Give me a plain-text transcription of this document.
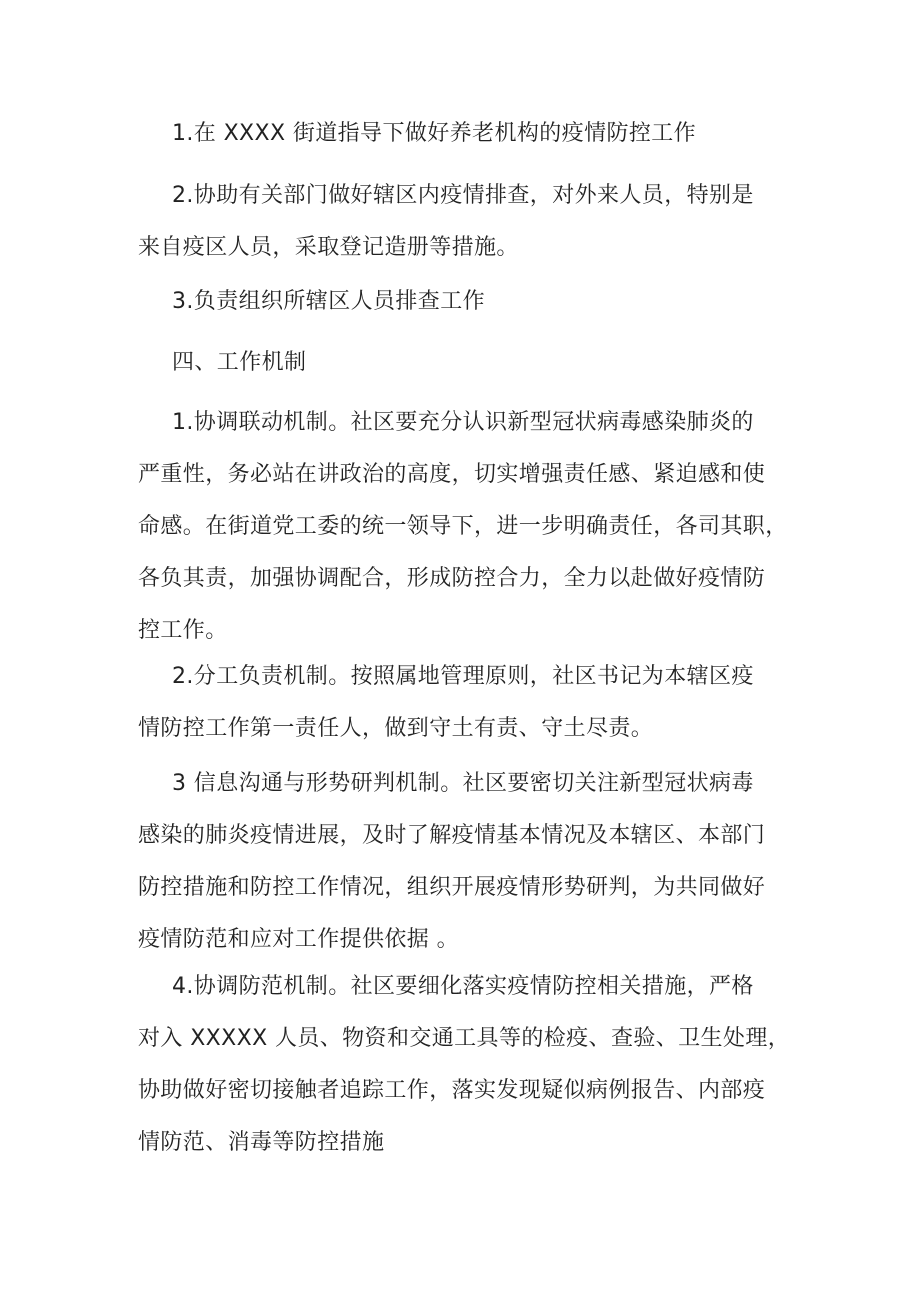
1.在 XXXX 街道指导下做好养老机构的疫情防控工作

2.协助有关部门做好辖区内疫情排查，对外来人员，特别是
来自疫区人员，采取登记造册等措施。

3.负责组织所辖区人员排查工作

四、工作机制

1.协调联动机制。社区要充分认识新型冠状病毒感染肺炎的
严重性，务必站在讲政治的高度，切实增强责任感、紧迫感和使
命感。在街道党工委的统一领导下，进一步明确责任，各司其职，
各负其责，加强协调配合，形成防控合力，全力以赴做好疫情防
控工作。

2.分工负责机制。按照属地管理原则，社区书记为本辖区疫
情防控工作第一责任人，做到守土有责、守土尽责。

3 信息沟通与形势研判机制。社区要密切关注新型冠状病毒
感染的肺炎疫情进展，及时了解疫情基本情况及本辖区、本部门
防控措施和防控工作情况，组织开展疫情形势研判，为共同做好
疫情防范和应对工作提供依据 。

4.协调防范机制。社区要细化落实疫情防控相关措施，严格
对入 XXXXX 人员、物资和交通工具等的检疫、查验、卫生处理，
协助做好密切接触者追踪工作，落实发现疑似病例报告、内部疫
情防范、消毒等防控措施
